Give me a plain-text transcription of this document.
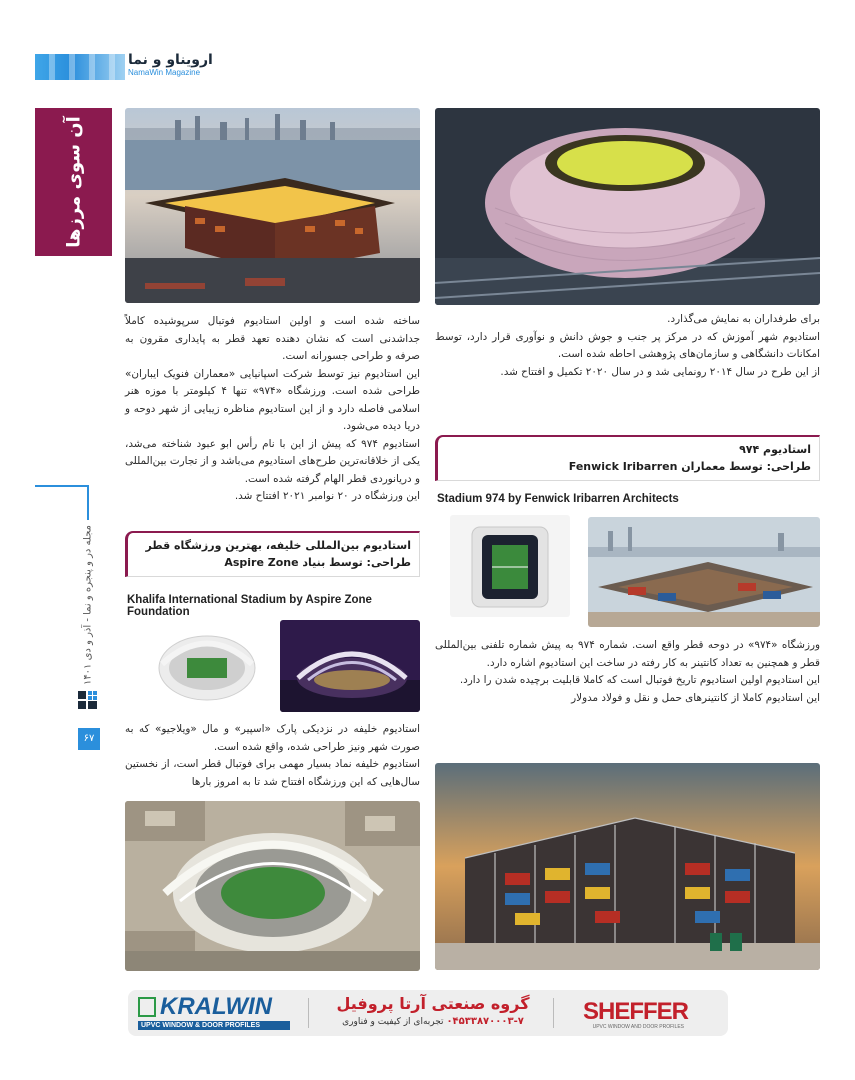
ارویناو و نما
NamaWin Magazine
آن سوی مرزها
مجله در و پنجره و نما - آذر و دی ۱۴۰۱
۶۷

برای طرفداران به نمایش می‌گذارد.

استادیوم شهر آموزش که در مرکز پر جنب و جوش دانش و نوآوری قرار دارد، توسط امکانات دانشگاهی و سازمان‌های پژوهشی احاطه شده است.

از این طرح در سال ۲۰۱۴ رونمایی شد و در سال ۲۰۲۰ تکمیل و افتتاح شد.

استادیوم ۹۷۴
طراحی: توسط معماران Fenwick Iribarren
Stadium 974 by Fenwick Iribarren Architects

ورزشگاه «۹۷۴» در دوحه قطر واقع است. شماره ۹۷۴ به پیش شماره تلفنی بین‌المللی قطر و همچنین به تعداد کانتینر به کار رفته در ساخت این استادیوم اشاره دارد.

این استادیوم اولین استادیوم تاریخ فوتبال است که کاملا قابلیت برچیده شدن را دارد.

این استادیوم کاملا از کانتینرهای حمل و نقل و فولاد مدولار

ساخته شده است و اولین استادیوم فوتبال سرپوشیده کاملاً جداشدنی است که نشان دهنده تعهد قطر به پایداری مقرون به صرفه و طراحی جسورانه است.

این استادیوم نیز توسط شرکت اسپانیایی «معماران فنویک ایباران» طراحی شده است. ورزشگاه «۹۷۴» تنها ۴ کیلومتر با موزه هنر اسلامی فاصله دارد و از این استادیوم مناظره زیبایی از شهر دوحه و دریا دیده می‌شود.

استادیوم ۹۷۴ که پیش از این با نام رأس ابو عبود شناخته می‌شد، یکی از خلاقانه‌ترین طرح‌های استادیوم می‌باشد و از تجارت بین‌المللی و دریانوردی قطر الهام گرفته شده است.

این ورزشگاه در ۲۰ نوامبر ۲۰۲۱ افتتاح شد.

استادیوم بین‌المللی خلیفه، بهترین ورزشگاه قطر
طراحی: توسط بنیاد Aspire Zone
Khalifa International Stadium by Aspire Zone Foundation

استادیوم خلیفه در نزدیکی پارک «اسپیر» و مال «ویلاجیو» که به صورت شهر ونیز طراحی شده، واقع شده است.

استادیوم خلیفه نماد بسیار مهمی برای فوتبال قطر است، از نخستین سال‌هایی که این ورزشگاه افتتاح شد تا به امروز بارها

KRALWIN
UPVC WINDOW & DOOR PROFILES
گروه صنعتی آرتا پروفیل
۰۴۵۳۳۸۷۰۰۰۳-۷ تجربه‌ای از کیفیت و فناوری	SHEFFER
UPVC WINDOW AND DOOR PROFILES
